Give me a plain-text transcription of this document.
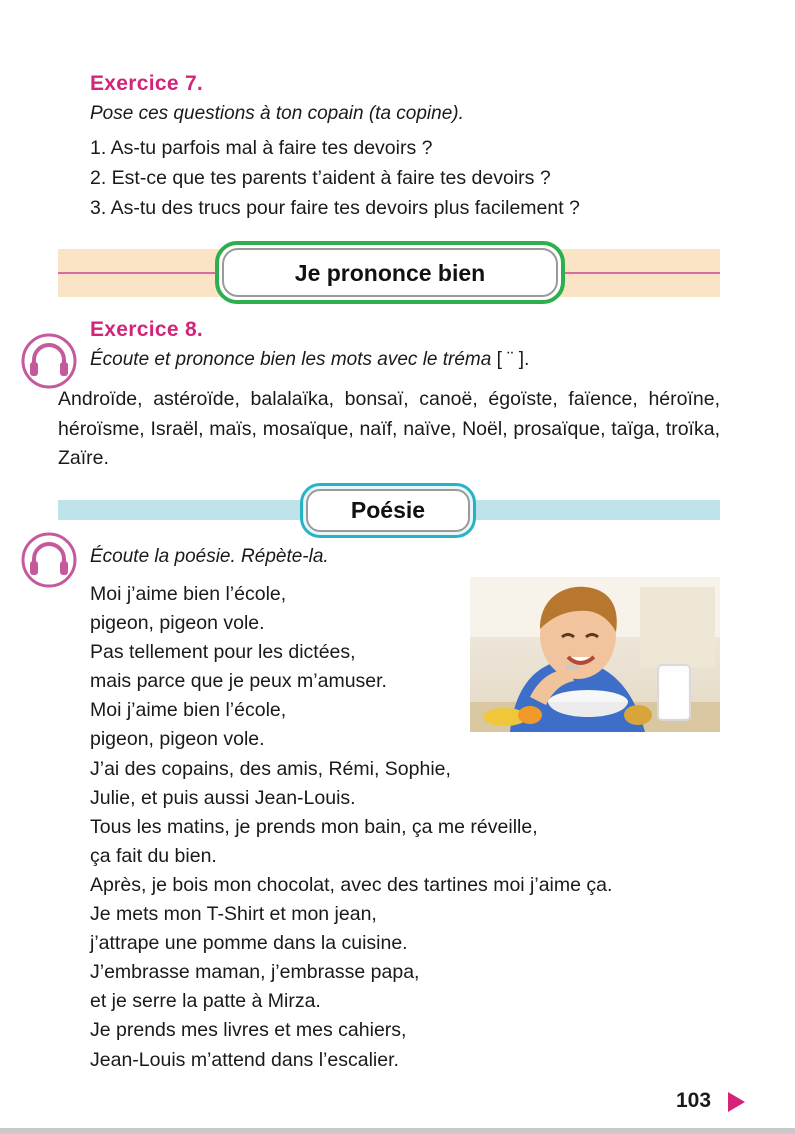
Exercice 7.
Pose ces questions à ton copain (ta copine).
1. As-tu parfois mal à faire tes devoirs ?
2. Est-ce que tes parents t’aident à faire tes devoirs ?
3. As-tu des trucs pour faire tes devoirs plus facilement ?
Je prononce bien
Exercice 8.
Écoute et prononce bien les mots avec le tréma [ ¨ ].
Androïde, astéroïde, balalaïka, bonsaï, canoë, égoïste, faïence, héroïne, héroïsme, Israël, maïs, mosaïque, naïf, naïve, Noël, prosaïque, taïga, troïka, Zaïre.
Poésie
Écoute la poésie. Répète-la.
Moi j’aime bien l’école,
pigeon, pigeon vole.
Pas tellement pour les dictées,
mais parce que je peux m’amuser.
Moi j’aime bien l’école,
pigeon, pigeon vole.
J’ai des copains, des amis, Rémi, Sophie,
Julie, et puis aussi Jean-Louis.
Tous les matins, je prends mon bain, ça me réveille,
ça fait du bien.
Après, je bois mon chocolat, avec des tartines moi j’aime ça.
Je mets mon T-Shirt et mon jean,
j’attrape une pomme dans la cuisine.
J’embrasse maman, j’embrasse papa,
et je serre la patte à Mirza.
Je prends mes livres et mes cahiers,
Jean-Louis m’attend dans l’escalier.
103
